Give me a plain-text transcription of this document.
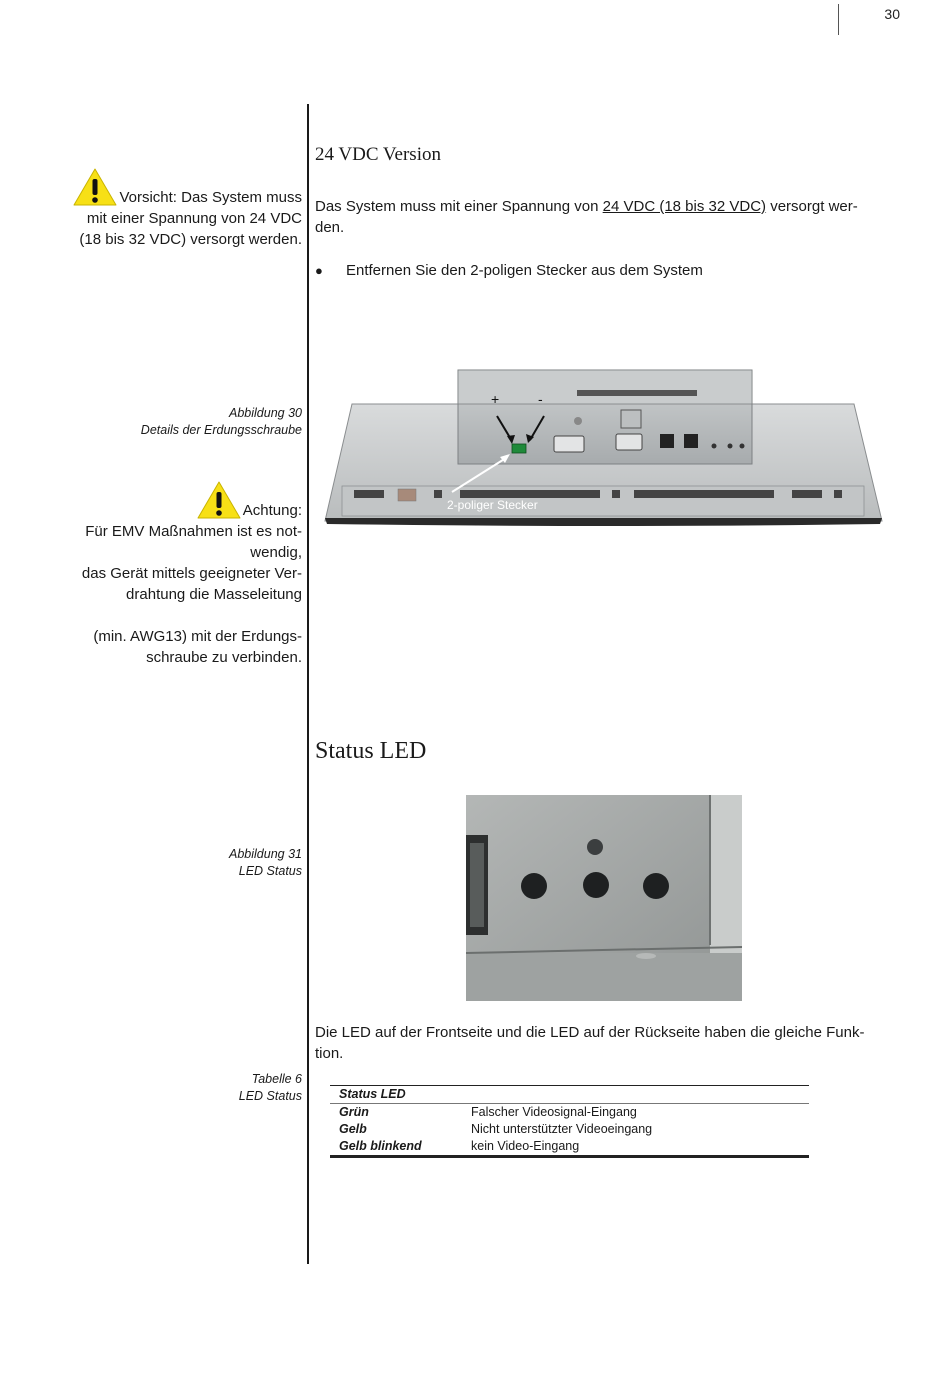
30
24 VDC Version
Vorsicht: Das System muss
mit einer Spannung von 24 VDC
(18 bis 32 VDC) versorgt werden.
Das System muss mit einer Spannung von 24 VDC (18 bis 32 VDC) versorgt wer-
den.
● Entfernen Sie den 2-poligen Stecker aus dem System
Abbildung 30
Details der Erdungsschraube
+	-
2-poliger Stecker
Achtung:
Für EMV Maßnahmen ist es not-
wendig,
das Gerät mittels geeigneter Ver-
drahtung die Masseleitung
(min. AWG13) mit der Erdungs-
schraube zu verbinden.
Status LED
Abbildung 31
LED Status
Die LED auf der Frontseite und die LED auf der Rückseite haben die gleiche Funk-
tion.
Tabelle 6
LED Status	Status LED	
Grün	Falscher Videosignal-Eingang
Gelb	Nicht unterstützter Videoeingang
Gelb blinkend	kein Video-Eingang
